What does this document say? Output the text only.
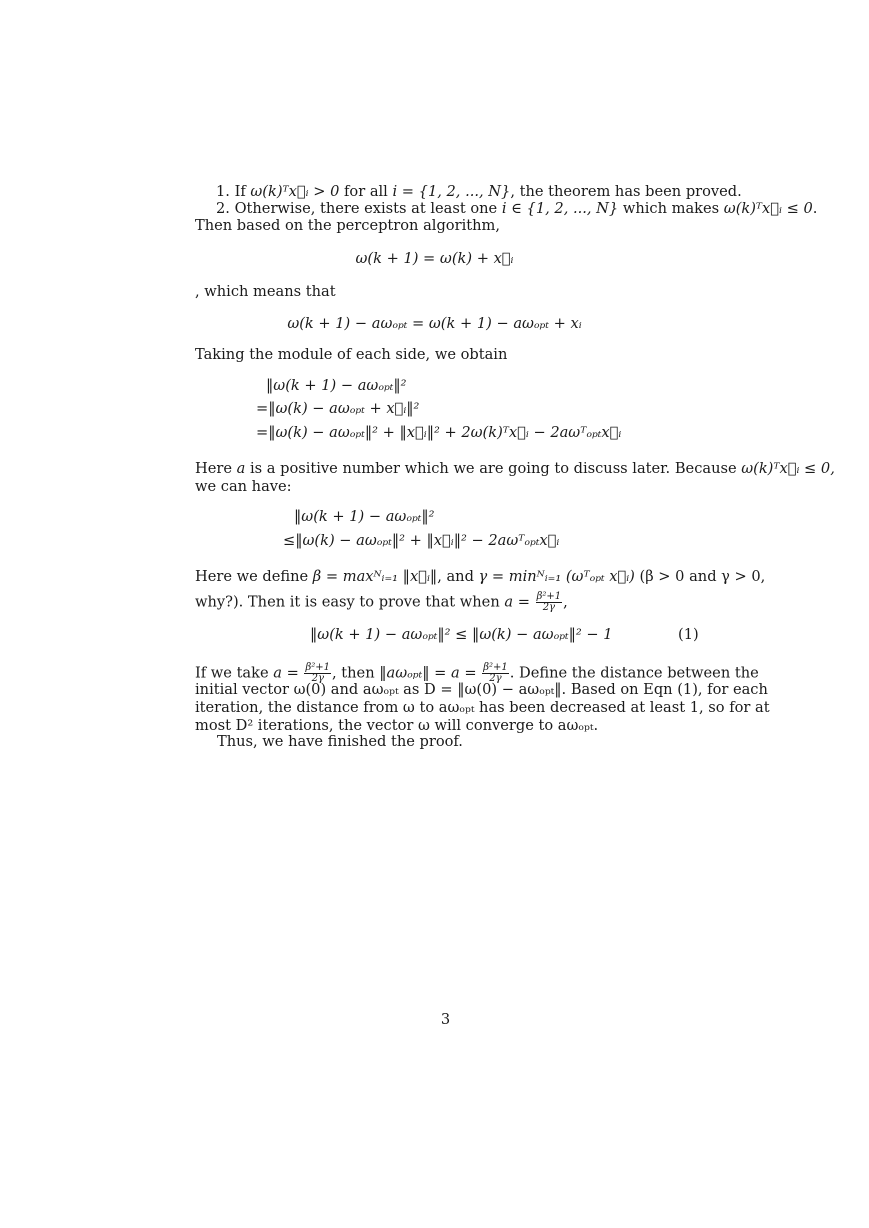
1. If ω(k)ᵀx⃗ᵢ > 0 for all i = {1, 2, ..., N}, the theorem has been proved.
2. Otherwise, there exists at least one i ∈ {1, 2, ..., N} which makes ω(k)ᵀx⃗ᵢ ≤ 0.
Then based on the perceptron algorithm,
ω(k + 1) = ω(k) + x⃗ᵢ
, which means that
ω(k + 1) − aωₒₚₜ = ω(k + 1) − aωₒₚₜ + xᵢ
Taking the module of each side, we obtain
‖ω(k + 1) − aωₒₚₜ‖²
=‖ω(k) − aωₒₚₜ + x⃗ᵢ‖²
=‖ω(k) − aωₒₚₜ‖² + ‖x⃗ᵢ‖² + 2ω(k)ᵀx⃗ᵢ − 2aωᵀₒₚₜx⃗ᵢ
Here a is a positive number which we are going to discuss later. Because ω(k)ᵀx⃗ᵢ ≤ 0,
we can have:
‖ω(k + 1) − aωₒₚₜ‖²
≤‖ω(k) − aωₒₚₜ‖² + ‖x⃗ᵢ‖² − 2aωᵀₒₚₜx⃗ᵢ
Here we define β = maxᴺᵢ₌₁ ‖x⃗ᵢ‖, and γ = minᴺᵢ₌₁ (ωᵀₒₚₜ x⃗ᵢ) (β > 0 and γ > 0,
why?). Then it is easy to prove that when $a = \frac{\text{β²+1}}{2\gamma}$ ,
‖ω(k + 1) − aωₒₚₜ‖² ≤ ‖ω(k) − aωₒₚₜ‖² − 1	(1)
If we take $a = \frac{\text{β²+1}}{2\gamma}$ , then ‖aωₒₚₜ‖ = $a = \frac{\text{β²+1}}{2\gamma}$ . Define the distance between the
initial vector ω(0) and aωₒₚₜ as D = ‖ω(0) − aωₒₚₜ‖. Based on Eqn (1), for each
iteration, the distance from ω to aωₒₚₜ has been decreased at least 1, so for at
most D² iterations, the vector ω will converge to aωₒₚₜ.
Thus, we have finished the proof.
3
